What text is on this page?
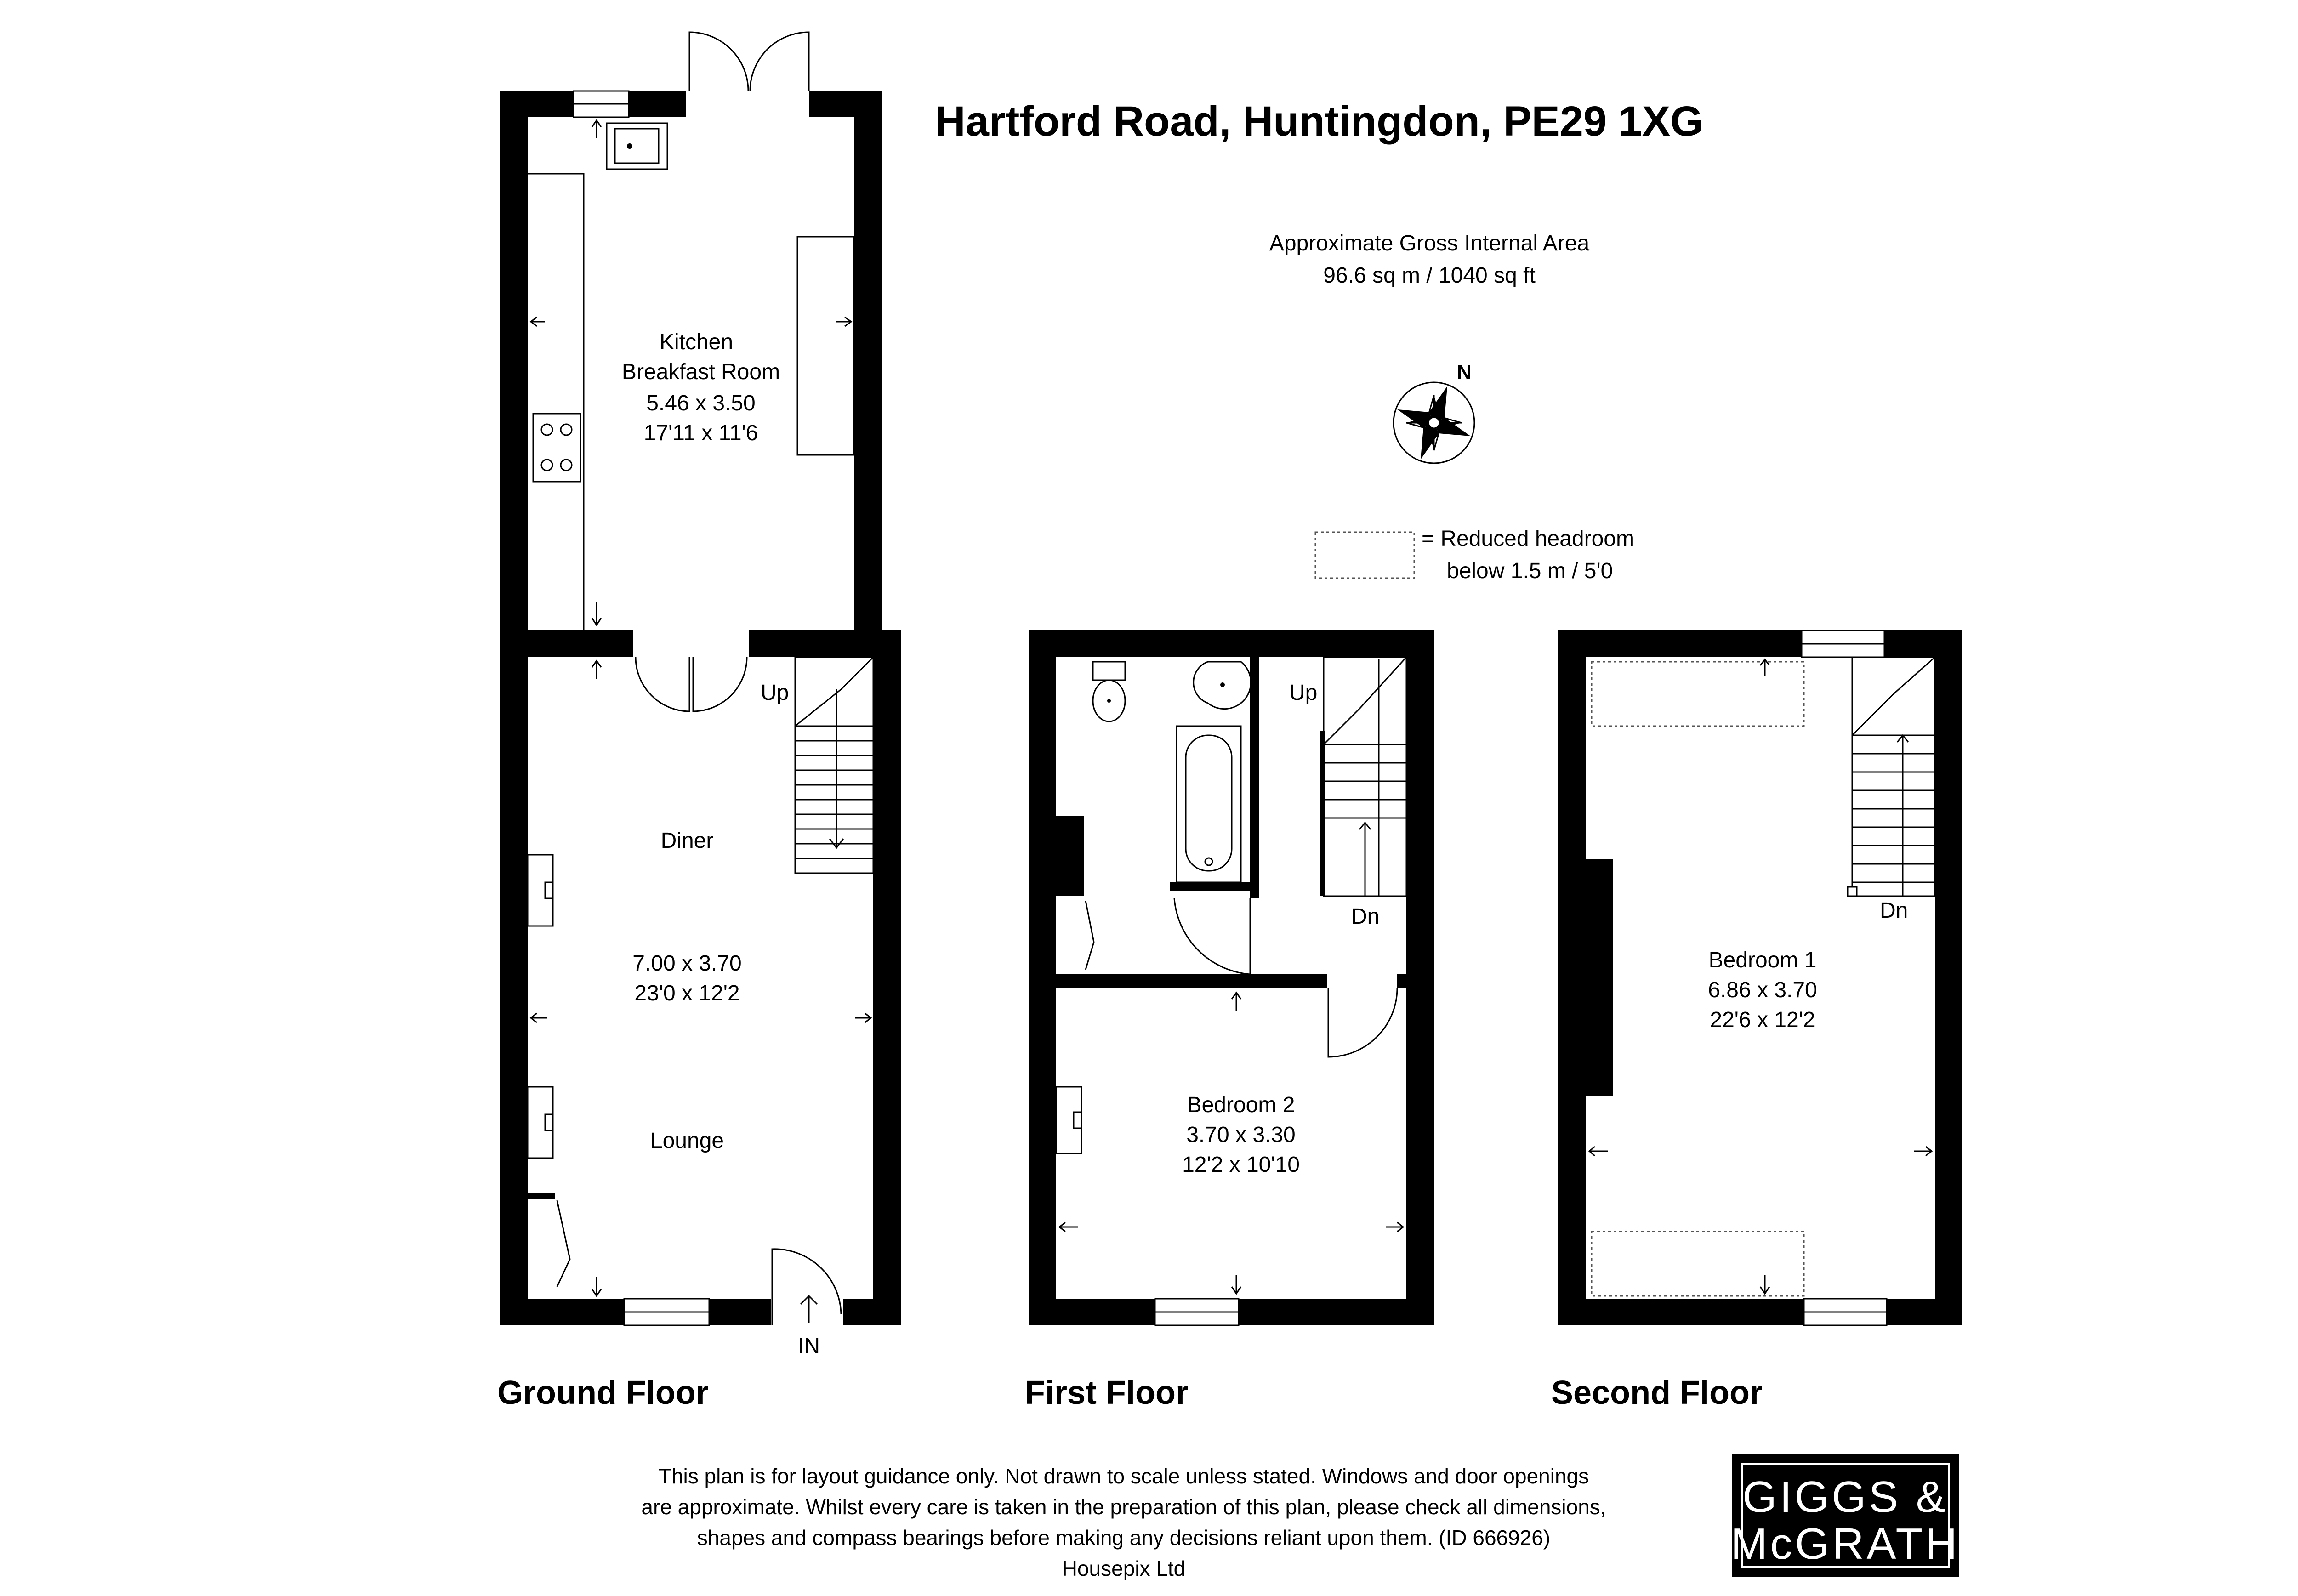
Hartford Road, Huntingdon, PE29 1XG
Approximate Gross Internal Area
96.6 sq m / 1040 sq ft
N
= Reduced headroom
below 1.5 m / 5'0
Kitchen
Breakfast Room
5.46 x 3.50
17'11 x 11'6
Up
Diner
7.00 x 3.70
23'0 x 12'2
Lounge
IN
Ground Floor
Up
Dn
Bedroom 2
3.70 x 3.30
12'2 x 10'10
First Floor
Dn
Bedroom 1
6.86 x 3.70
22'6 x 12'2
Second Floor
This plan is for layout guidance only. Not drawn to scale unless stated. Windows and door openings
are approximate. Whilst every care is taken in the preparation of this plan, please check all dimensions,
shapes and compass bearings before making any decisions reliant upon them. (ID 666926)
Housepix Ltd
GIGGS &
McGRATH
